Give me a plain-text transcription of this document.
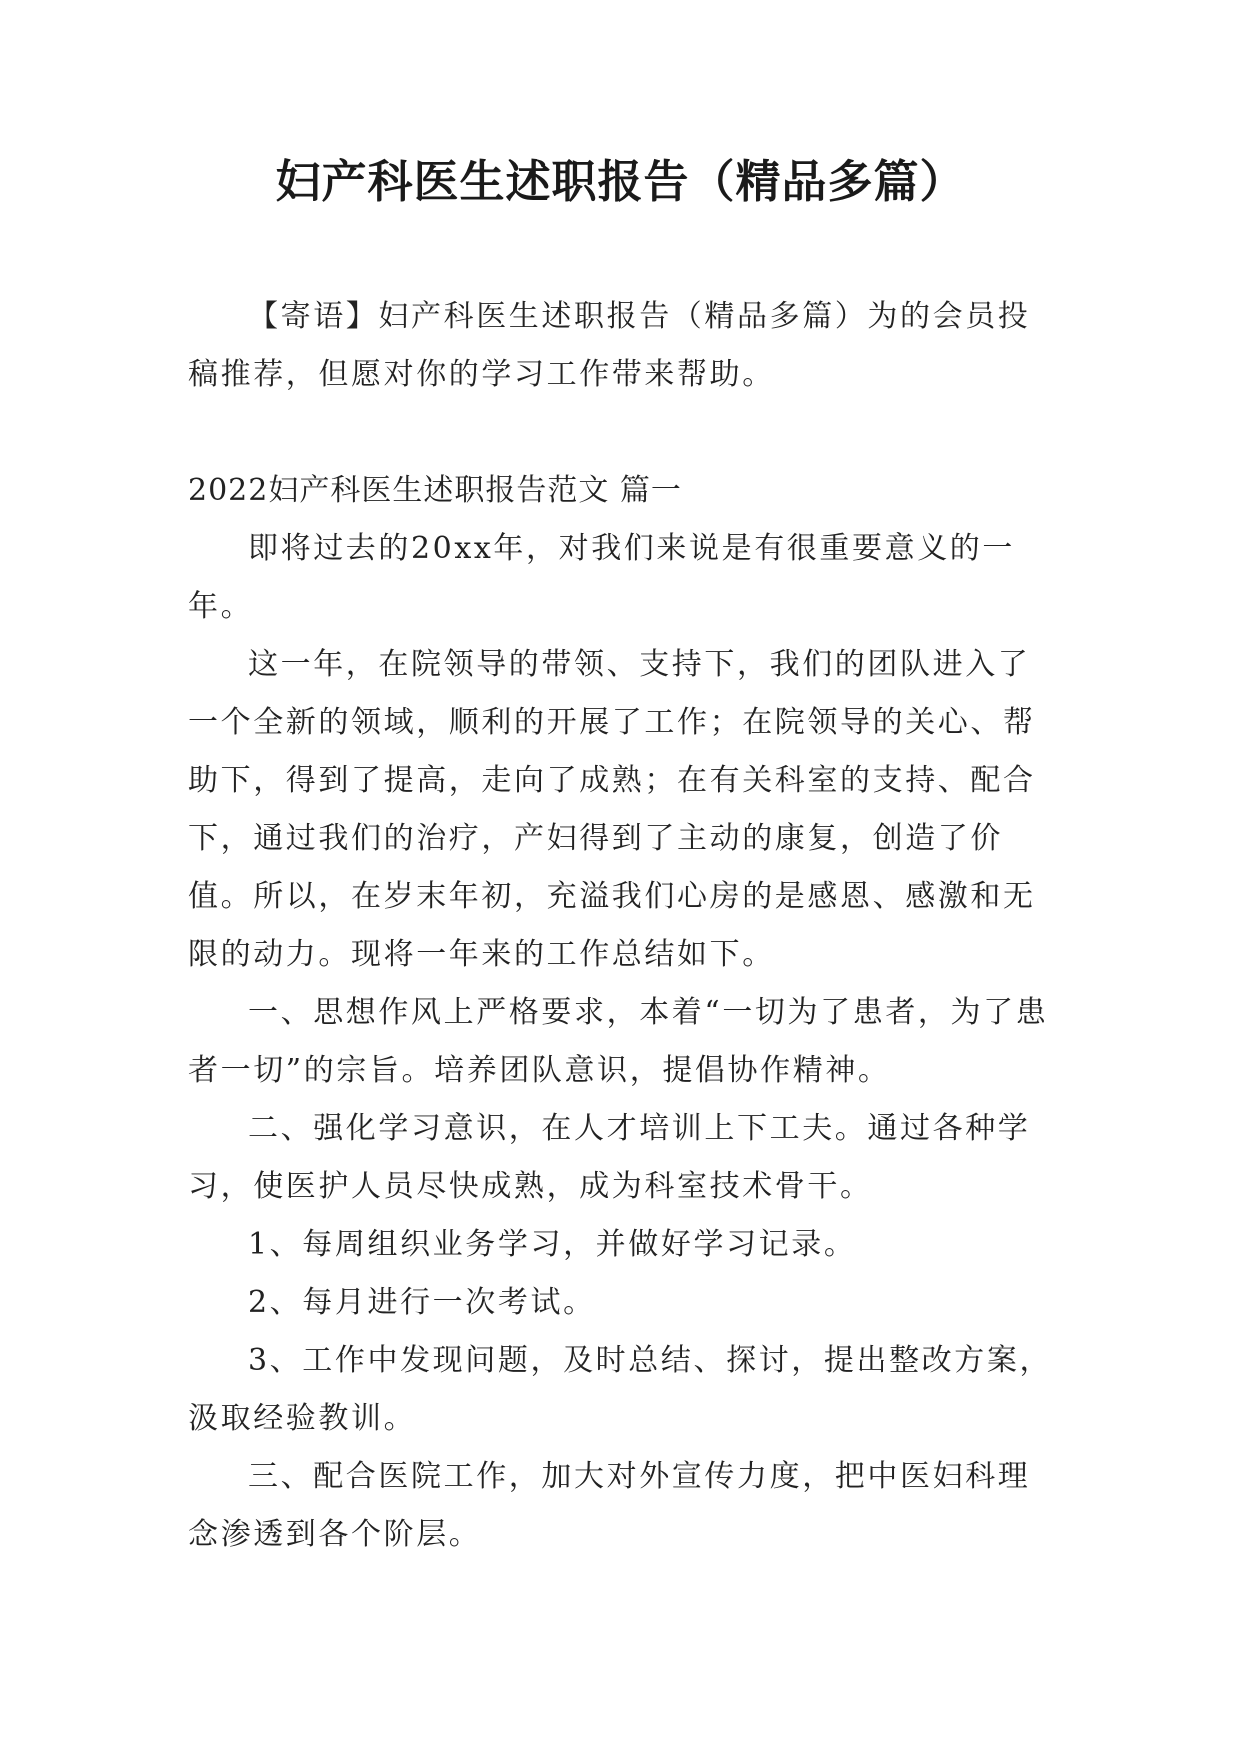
妇产科医生述职报告（精品多篇）

【寄语】妇产科医生述职报告（精品多篇）为的会员投稿推荐，但愿对你的学习工作带来帮助。

2022妇产科医生述职报告范文 篇一

即将过去的20xx年，对我们来说是有很重要意义的一年。

这一年，在院领导的带领、支持下，我们的团队进入了一个全新的领域，顺利的开展了工作；在院领导的关心、帮助下，得到了提高，走向了成熟；在有关科室的支持、配合下，通过我们的治疗，产妇得到了主动的康复，创造了价值。所以，在岁末年初，充溢我们心房的是感恩、感激和无限的动力。现将一年来的工作总结如下。

一、思想作风上严格要求，本着“一切为了患者，为了患者一切”的宗旨。培养团队意识，提倡协作精神。

二、强化学习意识，在人才培训上下工夫。通过各种学习，使医护人员尽快成熟，成为科室技术骨干。

1、每周组织业务学习，并做好学习记录。

2、每月进行一次考试。

3、工作中发现问题，及时总结、探讨，提出整改方案，汲取经验教训。

三、配合医院工作，加大对外宣传力度，把中医妇科理念渗透到各个阶层。
